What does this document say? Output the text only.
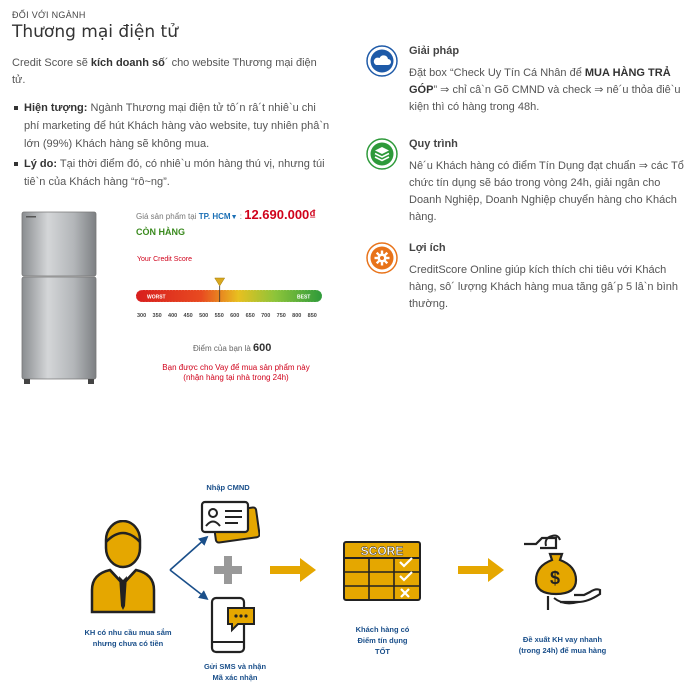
ĐỐI VỚI NGÀNH
Thương mại điện tử
Credit Score sẽ kích doanh số´ cho website Thương mại điện tử.
Hiện tượng: Ngành Thương mại điện tử tô´n râ´t nhiê`u chi phí marketing để hút Khách hàng vào website, tuy nhiên phâ`n lớn (99%) Khách hàng sẽ không mua.
Lý do: Tại thời điểm đó, có nhiê`u món hàng thú vị, nhưng túi tiê`n của Khách hàng “rô~ng”.
Giá sản phẩm tại TP. HCM▼ : 12.690.000₫
CÒN HÀNG
Your Credit Score
WORST	BEST
300 350 400 450 500 550 600 650 700 750 800 850
Điểm của bạn là 600
Bạn được cho Vay để mua sản phẩm này
(nhận hàng tại nhà trong 24h)
Giải pháp
Đặt box “Check Uy Tín Cá Nhân để MUA HÀNG TRẢ GÓP” ⇒ chỉ câ`n Gõ CMND và check ⇒ nê´u thỏa điê`u kiện thì có hàng trong 48h.
Quy trình
Nê´u Khách hàng có điểm Tín Dụng đạt chuẩn ⇒ các Tổ chức tín dụng sẽ báo trong vòng 24h, giải ngân cho Doanh Nghiệp, Doanh Nghiệp chuyển hàng cho Khách hàng.
Lợi ích
CreditScore Online giúp kích thích chi tiêu với Khách hàng, sô´ lượng Khách hàng mua tăng gâ´p 5 lâ`n bình thường.
KH có nhu cầu mua sắm
nhưng chưa có tiền
Nhập CMND
Gửi SMS và nhận
Mã xác nhận
SCORE
Khách hàng có
Điểm tín dụng
TỐT
$
Đề xuất KH vay nhanh
(trong 24h) để mua hàng
